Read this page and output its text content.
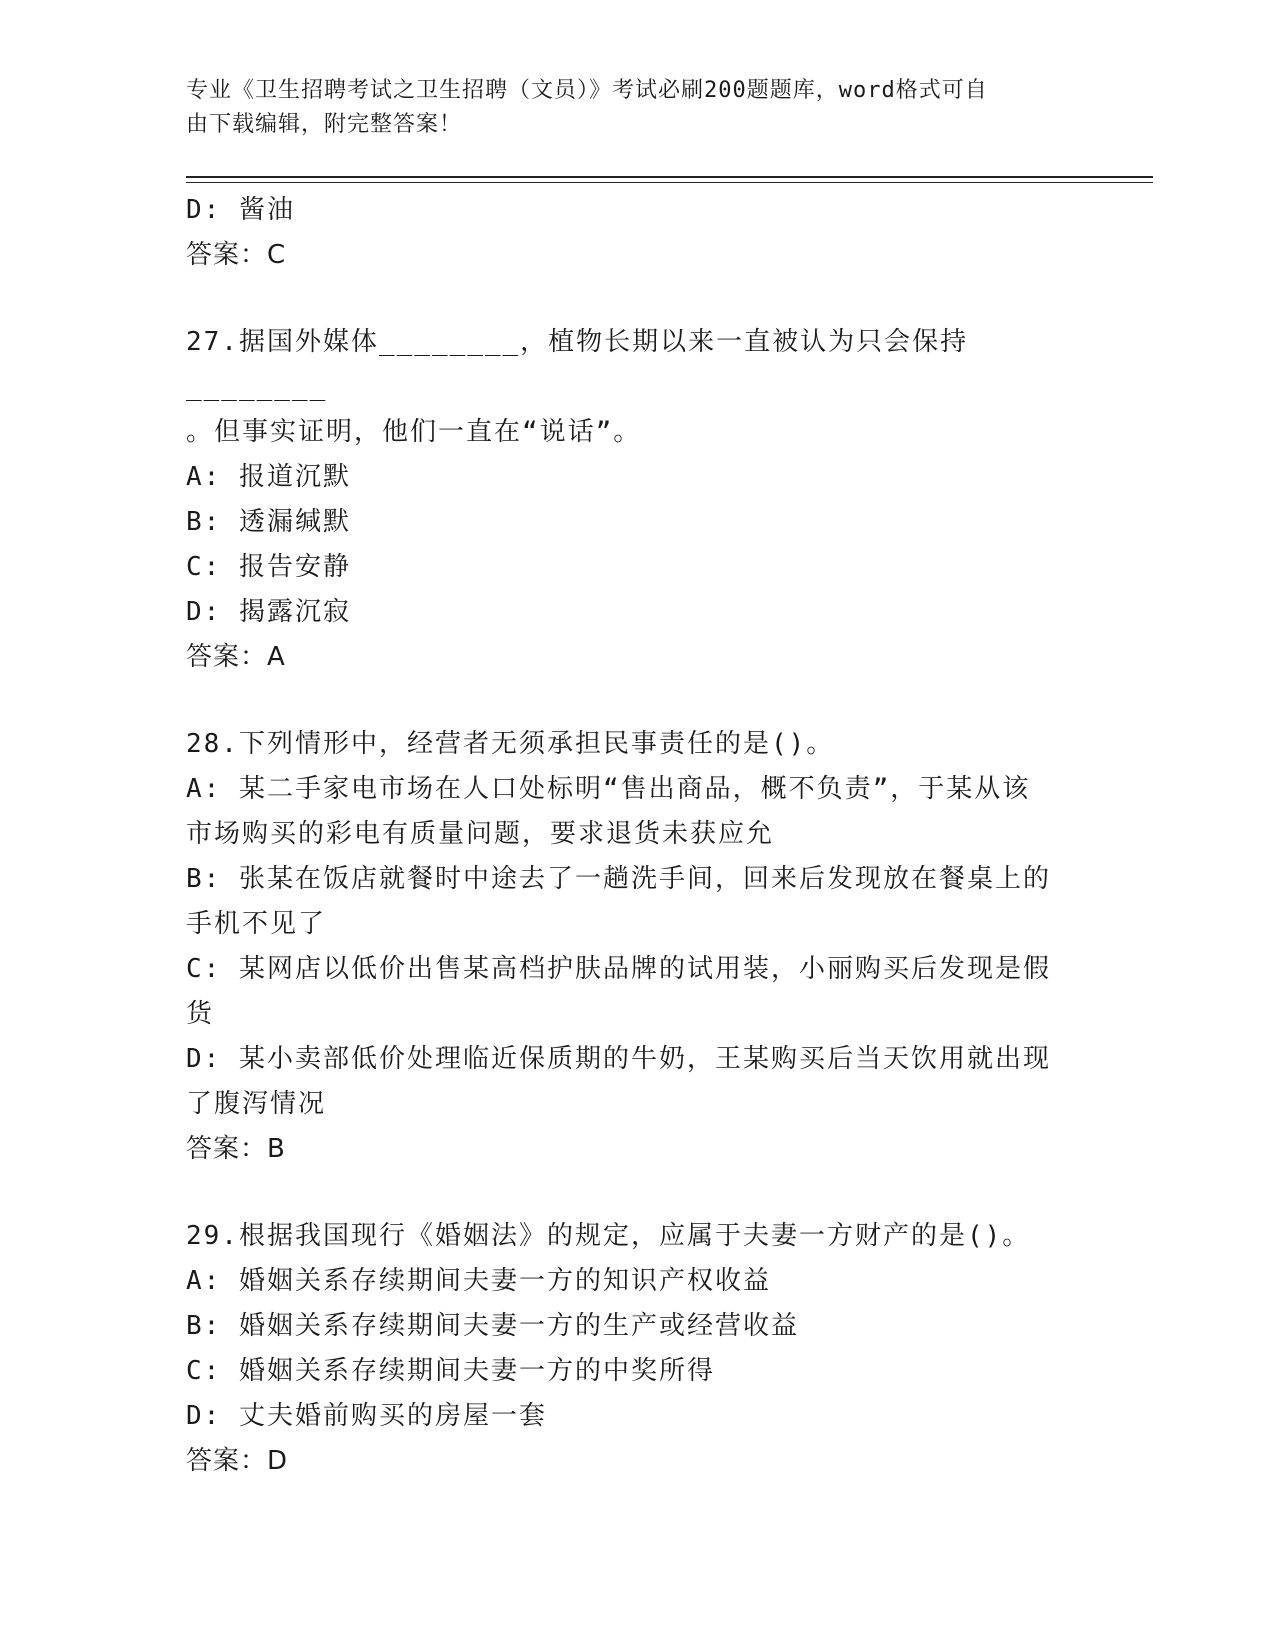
专业《卫生招聘考试之卫生招聘（文员）》考试必刷200题题库，word格式可自
由下载编辑，附完整答案！

D: 酱油

答案：C

27.据国外媒体________，植物长期以来一直被认为只会保持________

。但事实证明，他们一直在“说话”。

A: 报道沉默

B: 透漏缄默

C: 报告安静

D: 揭露沉寂

答案：A

28.下列情形中，经营者无须承担民事责任的是()。

A: 某二手家电市场在人口处标明“售出商品，概不负责”，于某从该

市场购买的彩电有质量问题，要求退货未获应允

B: 张某在饭店就餐时中途去了一趟洗手间，回来后发现放在餐桌上的

手机不见了

C: 某网店以低价出售某高档护肤品牌的试用装，小丽购买后发现是假

货

D: 某小卖部低价处理临近保质期的牛奶，王某购买后当天饮用就出现

了腹泻情况

答案：B

29.根据我国现行《婚姻法》的规定，应属于夫妻一方财产的是()。

A: 婚姻关系存续期间夫妻一方的知识产权收益

B: 婚姻关系存续期间夫妻一方的生产或经营收益

C: 婚姻关系存续期间夫妻一方的中奖所得

D: 丈夫婚前购买的房屋一套

答案：D
